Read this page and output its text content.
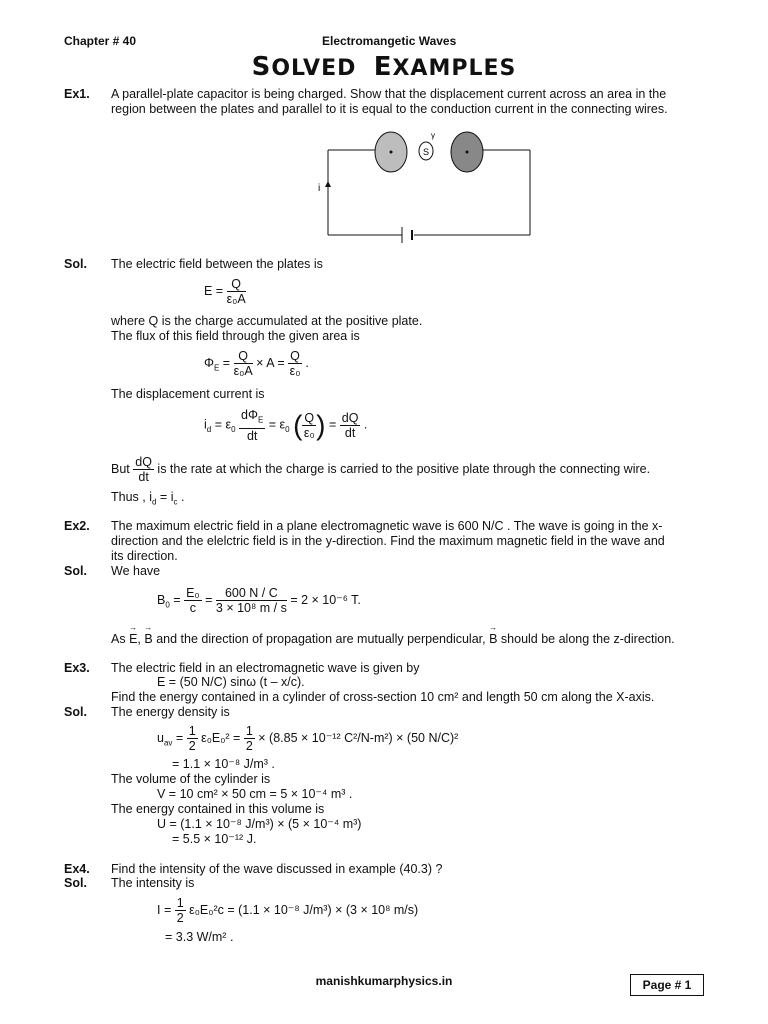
Chapter # 40	Electromangetic Waves
SOLVED EXAMPLES
Ex1. A parallel-plate capacitor is being charged. Show that the displacement current across an area in the
region between the plates and parallel to it is equal to the conduction current in the connecting wires.
S
γ
i
Sol. The electric field between the plates is
$E = \frac{Q}{\text{ε₀A}}$
where Q is the charge accumulated at the positive plate.
The flux of this field through the given area is
$\Phi_E = \frac{Q}{\text{ε₀A}} \times A = \frac{Q}{\text{ε₀}}$ .
The displacement current is
$i_d = \varepsilon_0 \frac{d\Phi_E}{dt} = \varepsilon_0$ ( $\frac{Q}{\text{ε₀}}$ ) = $\frac{dQ}{dt}$ .
But $\frac{dQ}{dt}$ is the rate at which the charge is carried to the positive plate through the connecting wire.
Thus , $i_d = i_c$ .
Ex2. The maximum electric field in a plane electromagnetic wave is 600 N/C . The wave is going in the x-
direction and the elelctric field is in the y-direction. Find the maximum magnetic field in the wave and
its direction.
Sol. We have
$B_0 = \frac{\text{E₀}}{c} = \frac{600 N / C}{\text{3 × 10⁸ m / s}} = 2 \times 10^{-6}$ T.
As → E, → B and the direction of propagation are mutually perpendicular, → B should be along the z-direction.
Ex3. The electric field in an electromagnetic wave is given by
E = (50 N/C) sinω (t – x/c).
Find the energy contained in a cylinder of cross-section 10 cm² and length 50 cm along the X-axis.
Sol. The energy density is
$u_{av} = \frac{1}{2} \varepsilon_0E_0^2 = \frac{1}{2} \times (8.85 \times 10^{-12}$ C²/N-m²) × (50 N/C)²
= 1.1 × 10⁻⁸ J/m³ .
The volume of the cylinder is
V = 10 cm² × 50 cm = 5 × 10⁻⁴ m³ .
The energy contained in this volume is
U = (1.1 × 10⁻⁸ J/m³) × (5 × 10⁻⁴ m³)
= 5.5 × 10⁻¹² J.
Ex4. Find the intensity of the wave discussed in example (40.3) ?
Sol. The intensity is
$I = \frac{1}{2} \varepsilon_0E_0^2c = (1.1 \times 10^{-8}$ J/m³) × (3 × 10⁸ m/s)
= 3.3 W/m² .
manishkumarphysics.in	Page # 1
